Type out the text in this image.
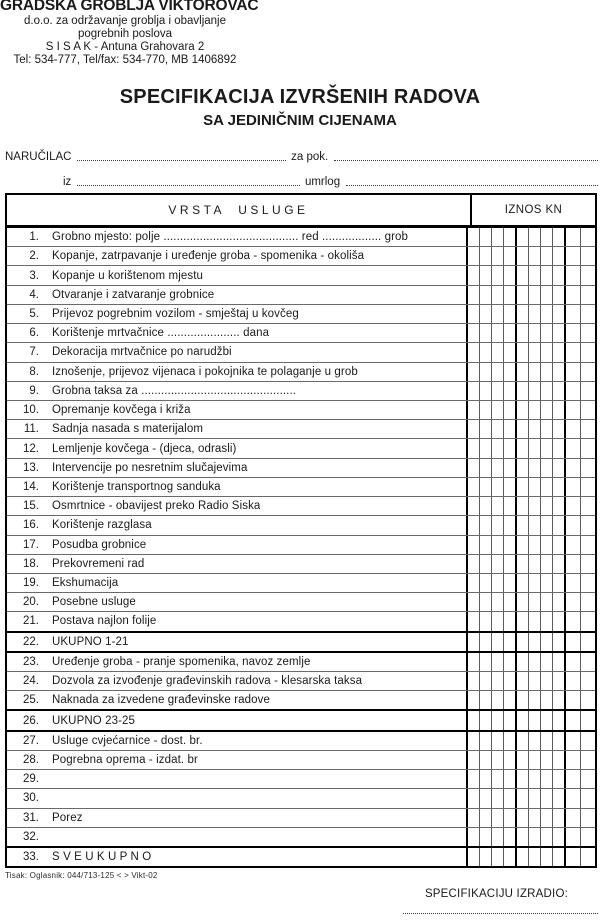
GRADSKA GROBLJA VIKTOROVAC
d.o.o. za održavanje groblja i obavljanje
pogrebnih poslova
S I S A K - Antuna Grahovara 2
Tel: 534-777, Tel/fax: 534-770, MB 1406892
SPECIFIKACIJA IZVRŠENIH RADOVA
SA JEDINIČNIM CIJENAMA
NARUČILAC	za pok.
iz	umrlog
VRSTA USLUGE	IZNOS KN
1. Grobno mjesto: polje ......................................... red .................. grob
2. Kopanje, zatrpavanje i uređenje groba - spomenika - okoliša
3. Kopanje u korištenom mjestu
4. Otvaranje i zatvaranje grobnice
5. Prijevoz pogrebnim vozilom - smještaj u kovčeg
6. Korištenje mrtvačnice ...................... dana
7. Dekoracija mrtvačnice po narudžbi
8. Iznošenje, prijevoz vijenaca i pokojnika te polaganje u grob
9. Grobna taksa za ...............................................
10. Opremanje kovčega i križa
11. Sadnja nasada s materijalom
12. Lemljenje kovčega - (djeca, odrasli)
13. Intervencije po nesretnim slučajevima
14. Korištenje transportnog sanduka
15. Osmrtnice - obavijest preko Radio Siska
16. Korištenje razglasa
17. Posudba grobnice
18. Prekovremeni rad
19. Ekshumacija
20. Posebne usluge
21. Postava najlon folije
22. UKUPNO 1-21
23. Uređenje groba - pranje spomenika, navoz zemlje
24. Dozvola za izvođenje građevinskih radova - klesarska taksa
25. Naknada za izvedene građevinske radove
26. UKUPNO 23-25
27. Usluge cvjećarnice - dost. br.
28. Pogrebna oprema - izdat. br
29.
30.
31. Porez
32.
33. S V E U K U P N O
Tisak: Oglasnik: 044/713-125 < > Vikt-02
SPECIFIKACIJU IZRADIO:
